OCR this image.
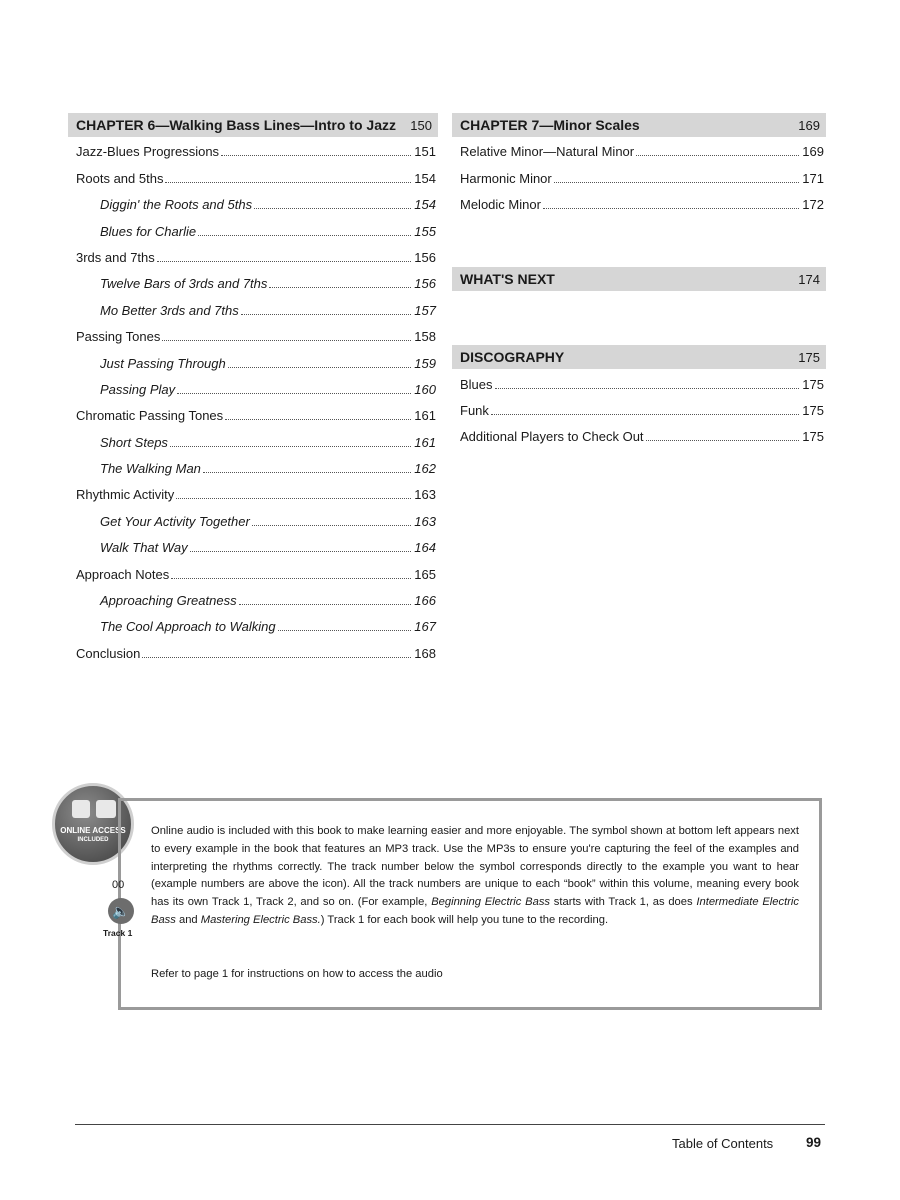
CHAPTER 6—Walking Bass Lines—Intro to Jazz 150
Jazz-Blues Progressions	151
Roots and 5ths	154
Diggin' the Roots and 5ths	154
Blues for Charlie	155
3rds and 7ths	156
Twelve Bars of 3rds and 7ths	156
Mo Better 3rds and 7ths	157
Passing Tones	158
Just Passing Through	159
Passing Play	160
Chromatic Passing Tones	161
Short Steps	161
The Walking Man	162
Rhythmic Activity	163
Get Your Activity Together	163
Walk That Way	164
Approach Notes	165
Approaching Greatness	166
The Cool Approach to Walking	167
Conclusion	168
CHAPTER 7—Minor Scales	169
Relative Minor—Natural Minor	169
Harmonic Minor	171
Melodic Minor	172
WHAT'S NEXT	174
DISCOGRAPHY	175
Blues	175
Funk	175
Additional Players to Check Out	175
ONLINE ACCESS
INCLUDED
Online audio is included with this book to make learning easier and more enjoyable. The symbol shown at bottom left appears next to every example in the book that features an MP3 track. Use the MP3s to ensure you're capturing the feel of the examples and interpreting the rhythms correctly. The track number below the symbol corresponds directly to the example you want to hear (example numbers are above the icon). All the track numbers are unique to each “book” within this volume, meaning every book has its own Track 1, Track 2, and so on. (For example, Beginning Electric Bass starts with Track 1, as does Intermediate Electric Bass and Mastering Electric Bass.) Track 1 for each book will help you tune to the recording.
Refer to page 1 for instructions on how to access the audio
00
🔈
Track 1
Table of Contents 99
